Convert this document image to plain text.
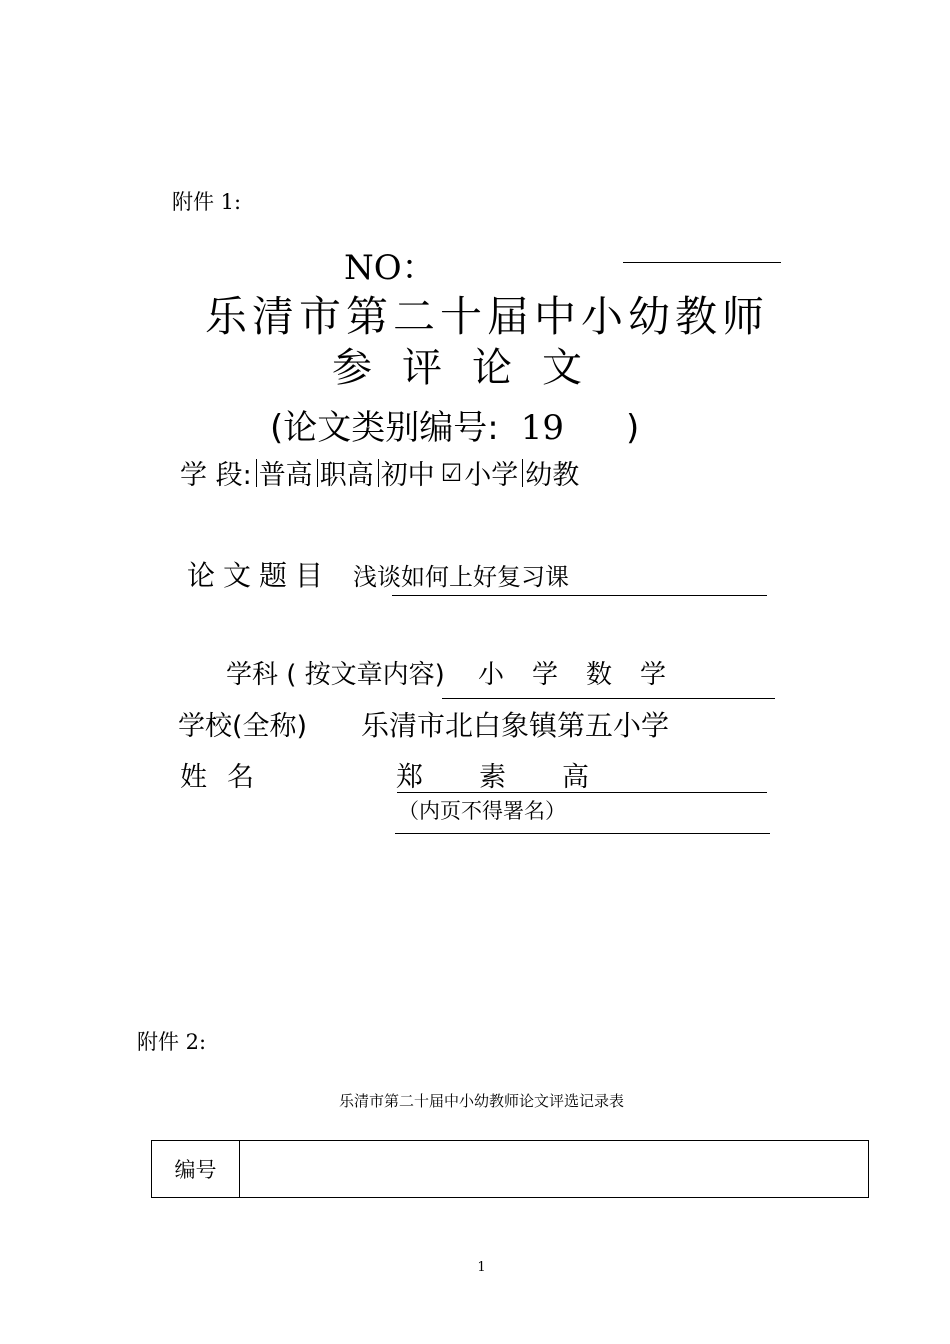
附件 1:
NO：
乐清市第二十届中小幼教师
参评论文
(论文类别编号: 19 )
学 段: 普高 职高 初中 ☑ 小学 幼教
论文题目 浅谈如何上好复习课
学科 ( 按文章内容) 小学数学
学校(全称) 乐清市北白象镇第五小学
姓名	郑素高
（内页不得署名）
附件 2:
乐清市第二十届中小幼教师论文评选记录表
编号
1
